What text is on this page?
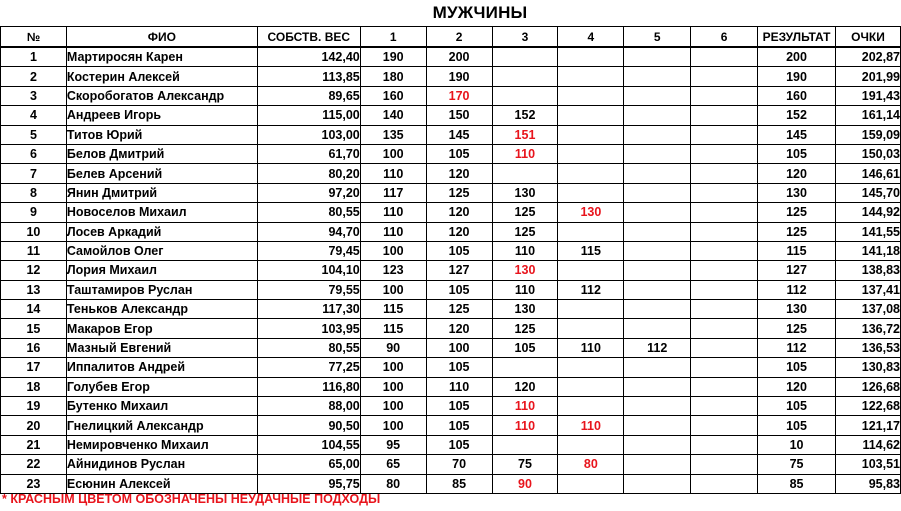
МУЖЧИНЫ
№	ФИО	СОБСТВ. ВЕС	1	2	3	4	5	6	РЕЗУЛЬТАТ	ОЧКИ
1	Мартиросян Карен	142,40	190	200					200	202,87
2	Костерин Алексей	113,85	180	190					190	201,99
3	Скоробогатов Александр	89,65	160	170					160	191,43
4	Андреев Игорь	115,00	140	150	152				152	161,14
5	Титов Юрий	103,00	135	145	151				145	159,09
6	Белов Дмитрий	61,70	100	105	110				105	150,03
7	Белев Арсений	80,20	110	120					120	146,61
8	Янин Дмитрий	97,20	117	125	130				130	145,70
9	Новоселов Михаил	80,55	110	120	125	130			125	144,92
10	Лосев Аркадий	94,70	110	120	125				125	141,55
11	Самойлов Олег	79,45	100	105	110	115			115	141,18
12	Лория Михаил	104,10	123	127	130				127	138,83
13	Таштамиров Руслан	79,55	100	105	110	112			112	137,41
14	Теньков Александр	117,30	115	125	130				130	137,08
15	Макаров Егор	103,95	115	120	125				125	136,72
16	Мазный Евгений	80,55	90	100	105	110	112		112	136,53
17	Иппалитов Андрей	77,25	100	105					105	130,83
18	Голубев Егор	116,80	100	110	120				120	126,68
19	Бутенко Михаил	88,00	100	105	110				105	122,68
20	Гнелицкий Александр	90,50	100	105	110	110			105	121,17
21	Немировченко Михаил	104,55	95	105					10	114,62
22	Айнидинов Руслан	65,00	65	70	75	80			75	103,51
23	Есюнин Алексей	95,75	80	85	90				85	95,83
* КРАСНЫМ ЦВЕТОМ ОБОЗНАЧЕНЫ НЕУДАЧНЫЕ ПОДХОДЫ
